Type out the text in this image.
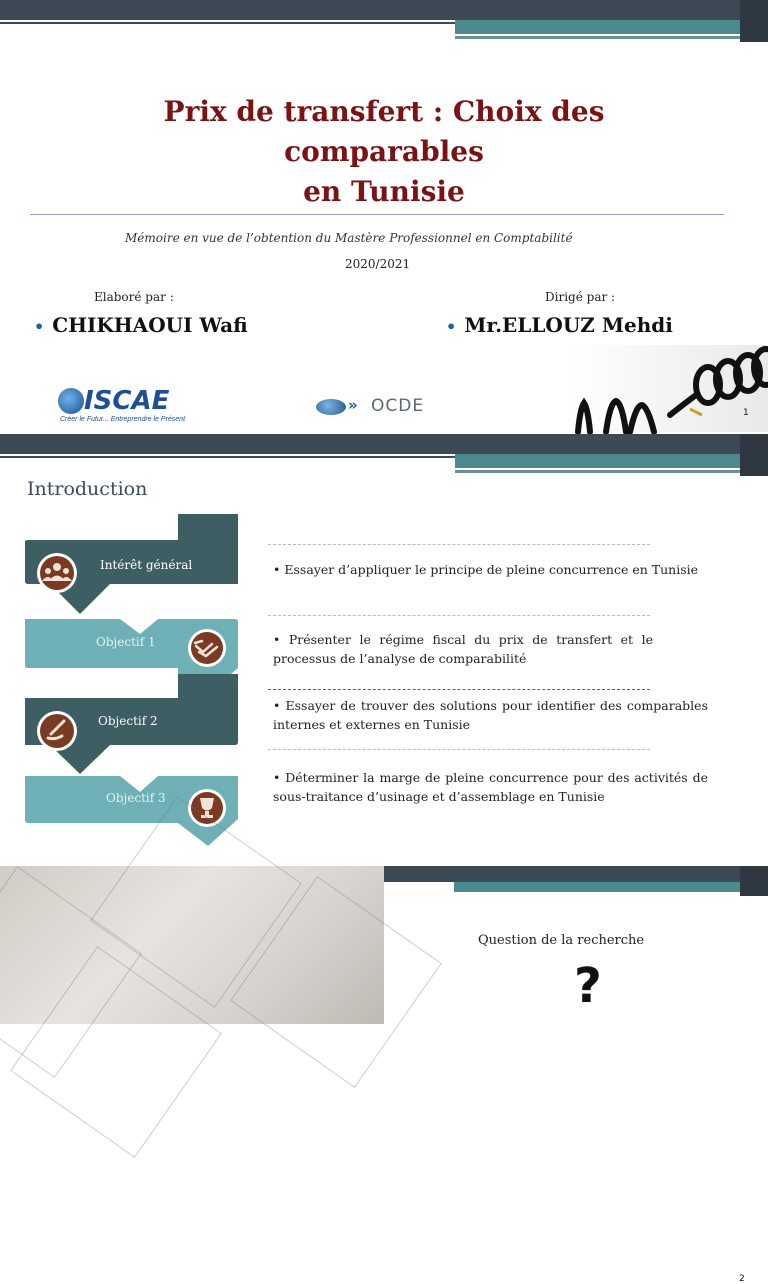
Prix de transfert : Choix des comparables
en Tunisie
Mémoire en vue de l’obtention du Mastère Professionnel en Comptabilité
2020/2021
Elaboré par :	Dirigé par :
• CHIKHAOUI Wafi	• Mr.ELLOUZ Mehdi
ISCAE
Créer le Futur... Entreprendre le Présent
» OCDE	1
Introduction
Intérêt général
Objectif 1
Objectif 2
Objectif 3
• Essayer d’appliquer le principe de pleine concurrence en Tunisie
• Présenter le régime fiscal du prix de transfert et le processus de l’analyse de comparabilité
• Essayer de trouver des solutions pour identifier des comparables internes et externes en Tunisie
• Déterminer la marge de pleine concurrence pour des activités de sous-traitance d’usinage et d’assemblage en Tunisie
2
Question de la recherche
?
